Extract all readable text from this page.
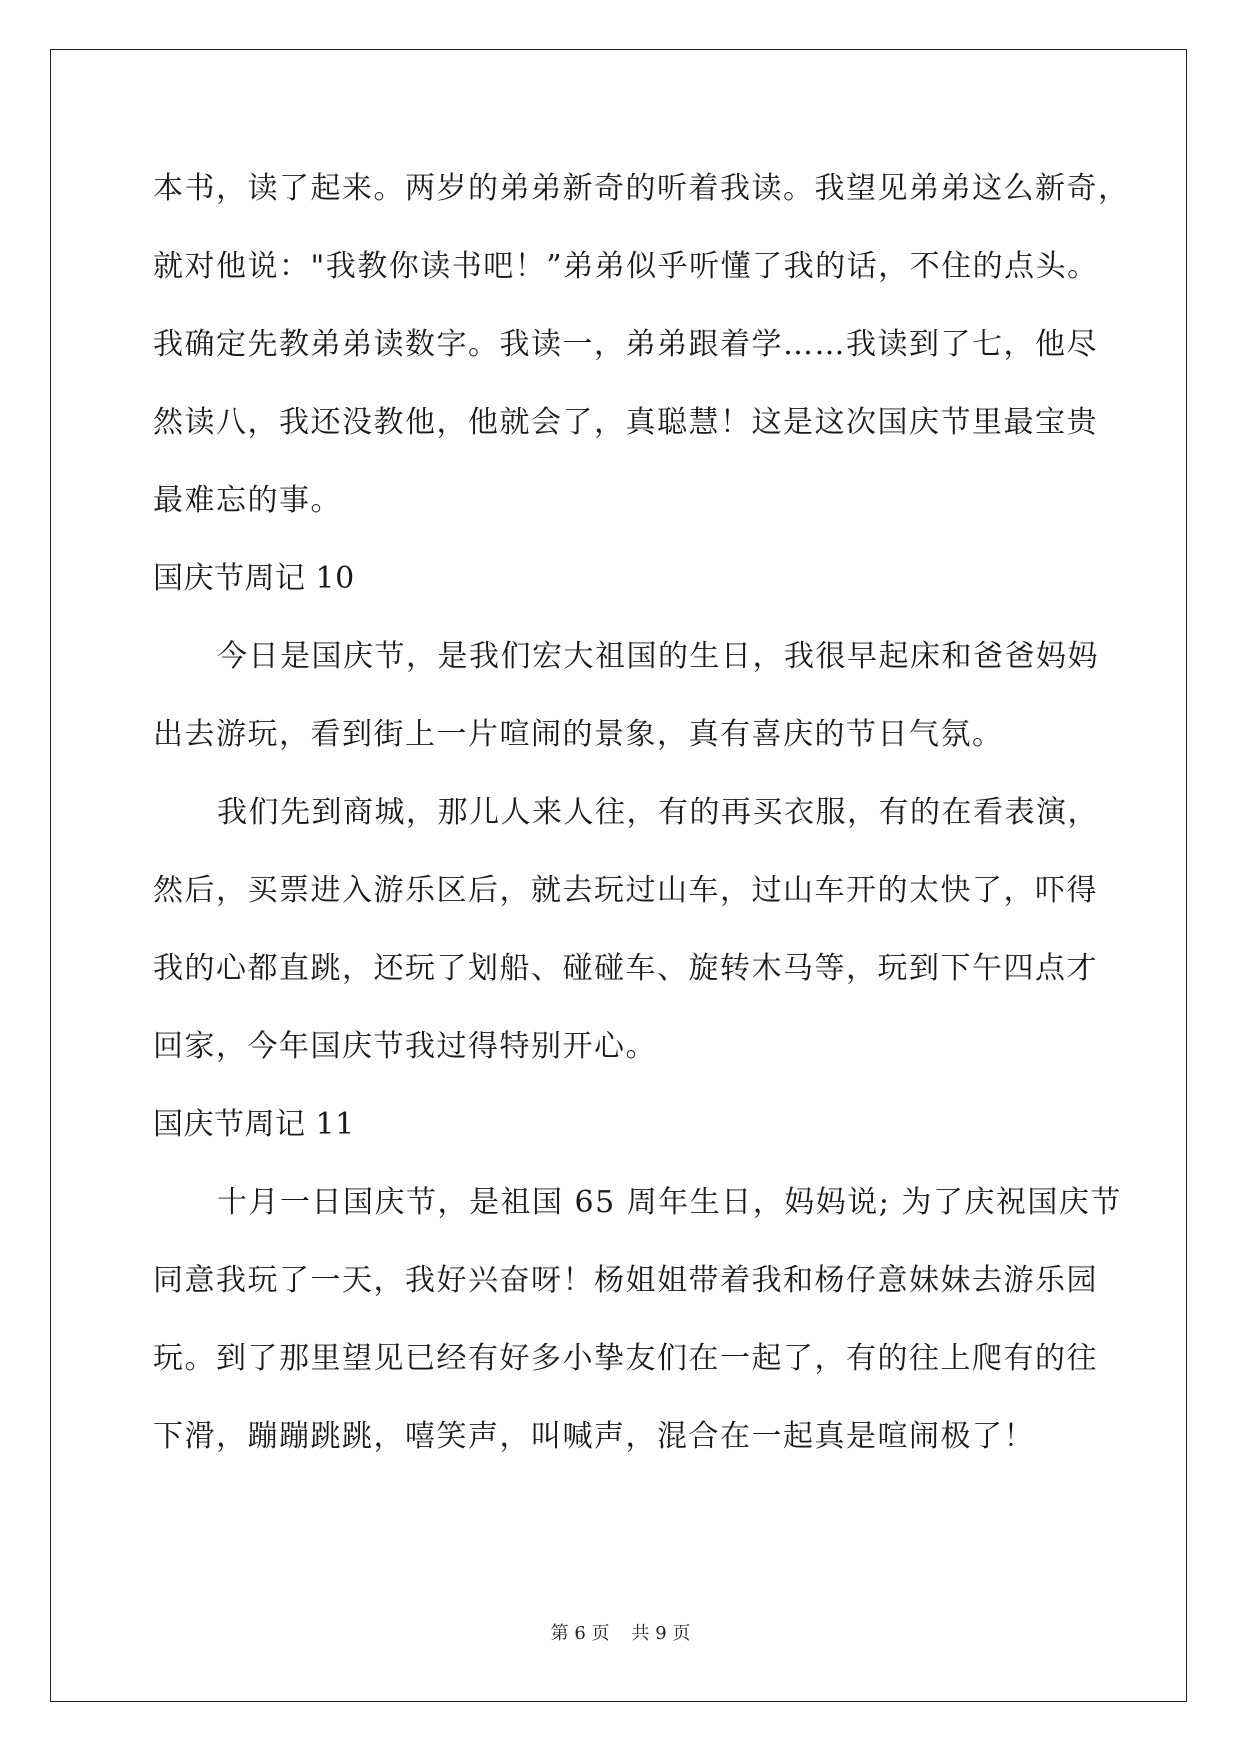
本书，读了起来。两岁的弟弟新奇的听着我读。我望见弟弟这么新奇，
就对他说："我教你读书吧！”弟弟似乎听懂了我的话，不住的点头。
我确定先教弟弟读数字。我读一，弟弟跟着学……我读到了七，他尽
然读八，我还没教他，他就会了，真聪慧！这是这次国庆节里最宝贵
最难忘的事。
国庆节周记 10
今日是国庆节，是我们宏大祖国的生日，我很早起床和爸爸妈妈
出去游玩，看到街上一片喧闹的景象，真有喜庆的节日气氛。
我们先到商城，那儿人来人往，有的再买衣服，有的在看表演，
然后，买票进入游乐区后，就去玩过山车，过山车开的太快了，吓得
我的心都直跳，还玩了划船、碰碰车、旋转木马等，玩到下午四点才
回家，今年国庆节我过得特别开心。
国庆节周记 11
十月一日国庆节，是祖国 65 周年生日，妈妈说; 为了庆祝国庆节
同意我玩了一天，我好兴奋呀！杨姐姐带着我和杨仔意妹妹去游乐园
玩。到了那里望见已经有好多小挚友们在一起了，有的往上爬有的往
下滑，蹦蹦跳跳，嘻笑声，叫喊声，混合在一起真是喧闹极了！
第 6 页 共 9 页
